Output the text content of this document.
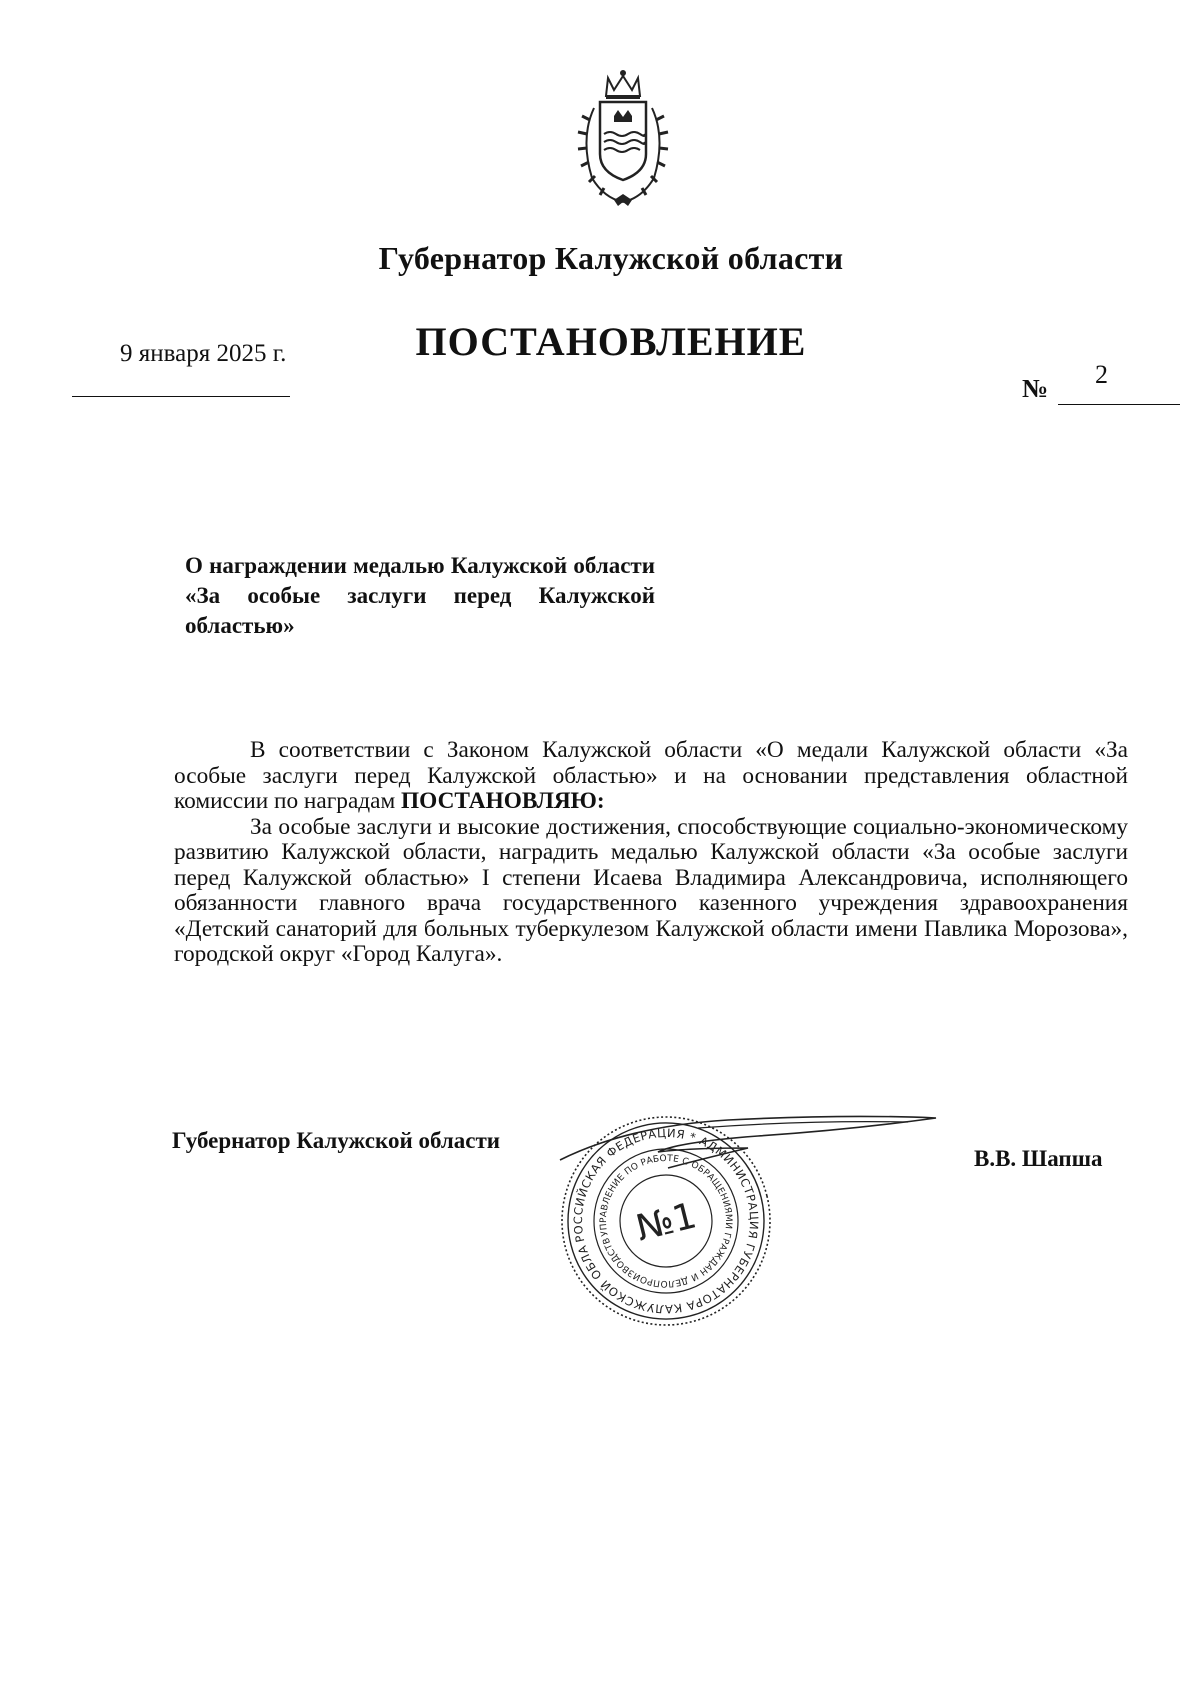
Губернатор Калужской области
ПОСТАНОВЛЕНИЕ
9 января 2025 г.
№ 2
О награждении медалью Калужской области «За особые заслуги перед Калужской областью»

В соответствии с Законом Калужской области «О медали Калужской области «За особые заслуги перед Калужской областью» и на основании представления областной комиссии по наградам ПОСТАНОВЛЯЮ:

За особые заслуги и высокие достижения, способствующие социально-экономическому развитию Калужской области, наградить медалью Калужской области «За особые заслуги перед Калужской областью» I степени Исаева Владимира Александровича, исполняющего обязанности главного врача государственного казенного учреждения здравоохранения «Детский санаторий для больных туберкулезом Калужской области имени Павлика Морозова», городской округ «Город Калуга».

Губернатор Калужской области
В.В. Шапша
РОССИЙСКАЯ ФЕДЕРАЦИЯ * АДМИНИСТРАЦИЯ ГУБЕРНАТОРА КАЛУЖСКОЙ ОБЛАСТИ
УПРАВЛЕНИЕ ПО РАБОТЕ С ОБРАЩЕНИЯМИ ГРАЖДАН И ДЕЛОПРОИЗВОДСТВУ
№1
